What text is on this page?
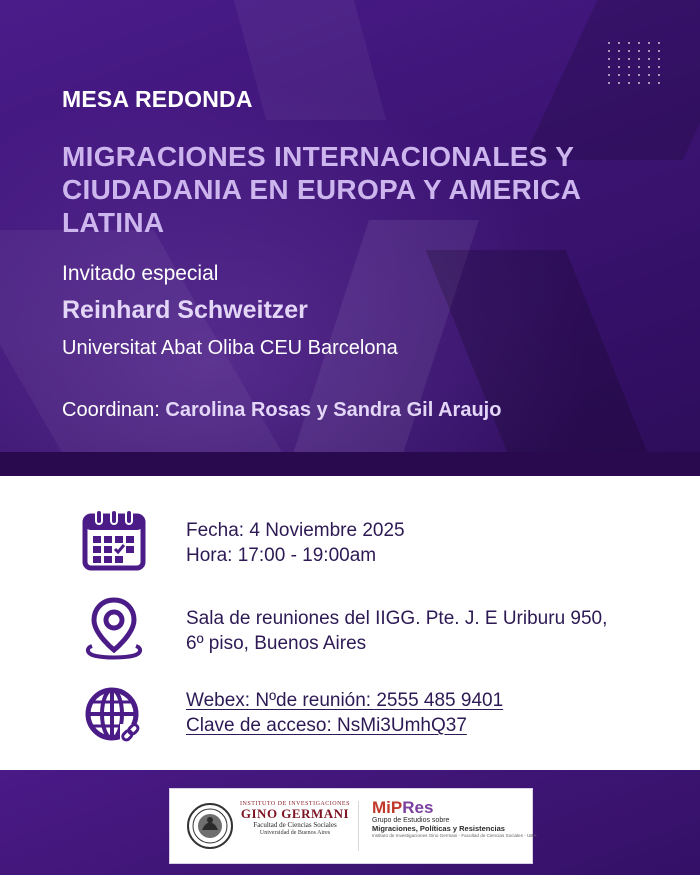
MESA REDONDA
MIGRACIONES INTERNACIONALES Y CIUDADANIA EN EUROPA Y AMERICA LATINA
Invitado especial
Reinhard Schweitzer
Universitat Abat Oliba CEU Barcelona
Coordinan: Carolina Rosas y Sandra Gil Araujo
Fecha: 4 Noviembre 2025
Hora: 17:00 - 19:00am
Sala de reuniones del IIGG. Pte. J. E Uriburu 950,
6º piso, Buenos Aires
Webex: Nºde reunión: 2555 485 9401
Clave de acceso: NsMi3UmhQ37
INSTITUTO DE INVESTIGACIONES
GINO GERMANI
Facultad de Ciencias Sociales
Universidad de Buenos Aires
MiPRes
Grupo de Estudios sobre
Migraciones, Políticas y Resistencias
Instituto de Investigaciones Gino Germani - Facultad de Ciencias Sociales - UBA
